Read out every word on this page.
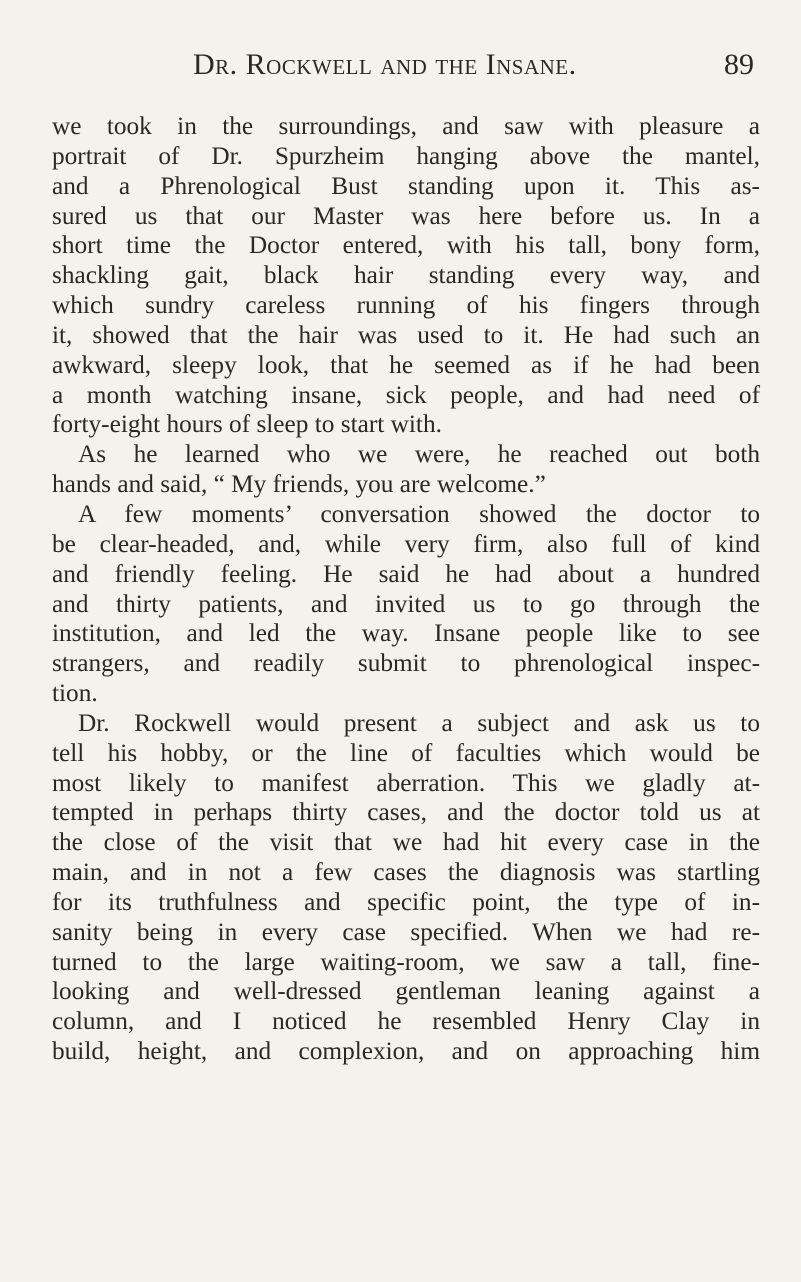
Dr. Rockwell and the Insane.	89
we took in the surroundings, and saw with pleasure a
portrait of Dr. Spurzheim hanging above the mantel,
and a Phrenological Bust standing upon it. This as-
sured us that our Master was here before us. In a
short time the Doctor entered, with his tall, bony form,
shackling gait, black hair standing every way, and
which sundry careless running of his fingers through
it, showed that the hair was used to it. He had such an
awkward, sleepy look, that he seemed as if he had been
a month watching insane, sick people, and had need of
forty-eight hours of sleep to start with.
As he learned who we were, he reached out both
hands and said, “ My friends, you are welcome.”
A few moments’ conversation showed the doctor to
be clear-headed, and, while very firm, also full of kind
and friendly feeling. He said he had about a hundred
and thirty patients, and invited us to go through the
institution, and led the way. Insane people like to see
strangers, and readily submit to phrenological inspec-
tion.
Dr. Rockwell would present a subject and ask us to
tell his hobby, or the line of faculties which would be
most likely to manifest aberration. This we gladly at-
tempted in perhaps thirty cases, and the doctor told us at
the close of the visit that we had hit every case in the
main, and in not a few cases the diagnosis was startling
for its truthfulness and specific point, the type of in-
sanity being in every case specified. When we had re-
turned to the large waiting-room, we saw a tall, fine-
looking and well-dressed gentleman leaning against a
column, and I noticed he resembled Henry Clay in
build, height, and complexion, and on approaching him
